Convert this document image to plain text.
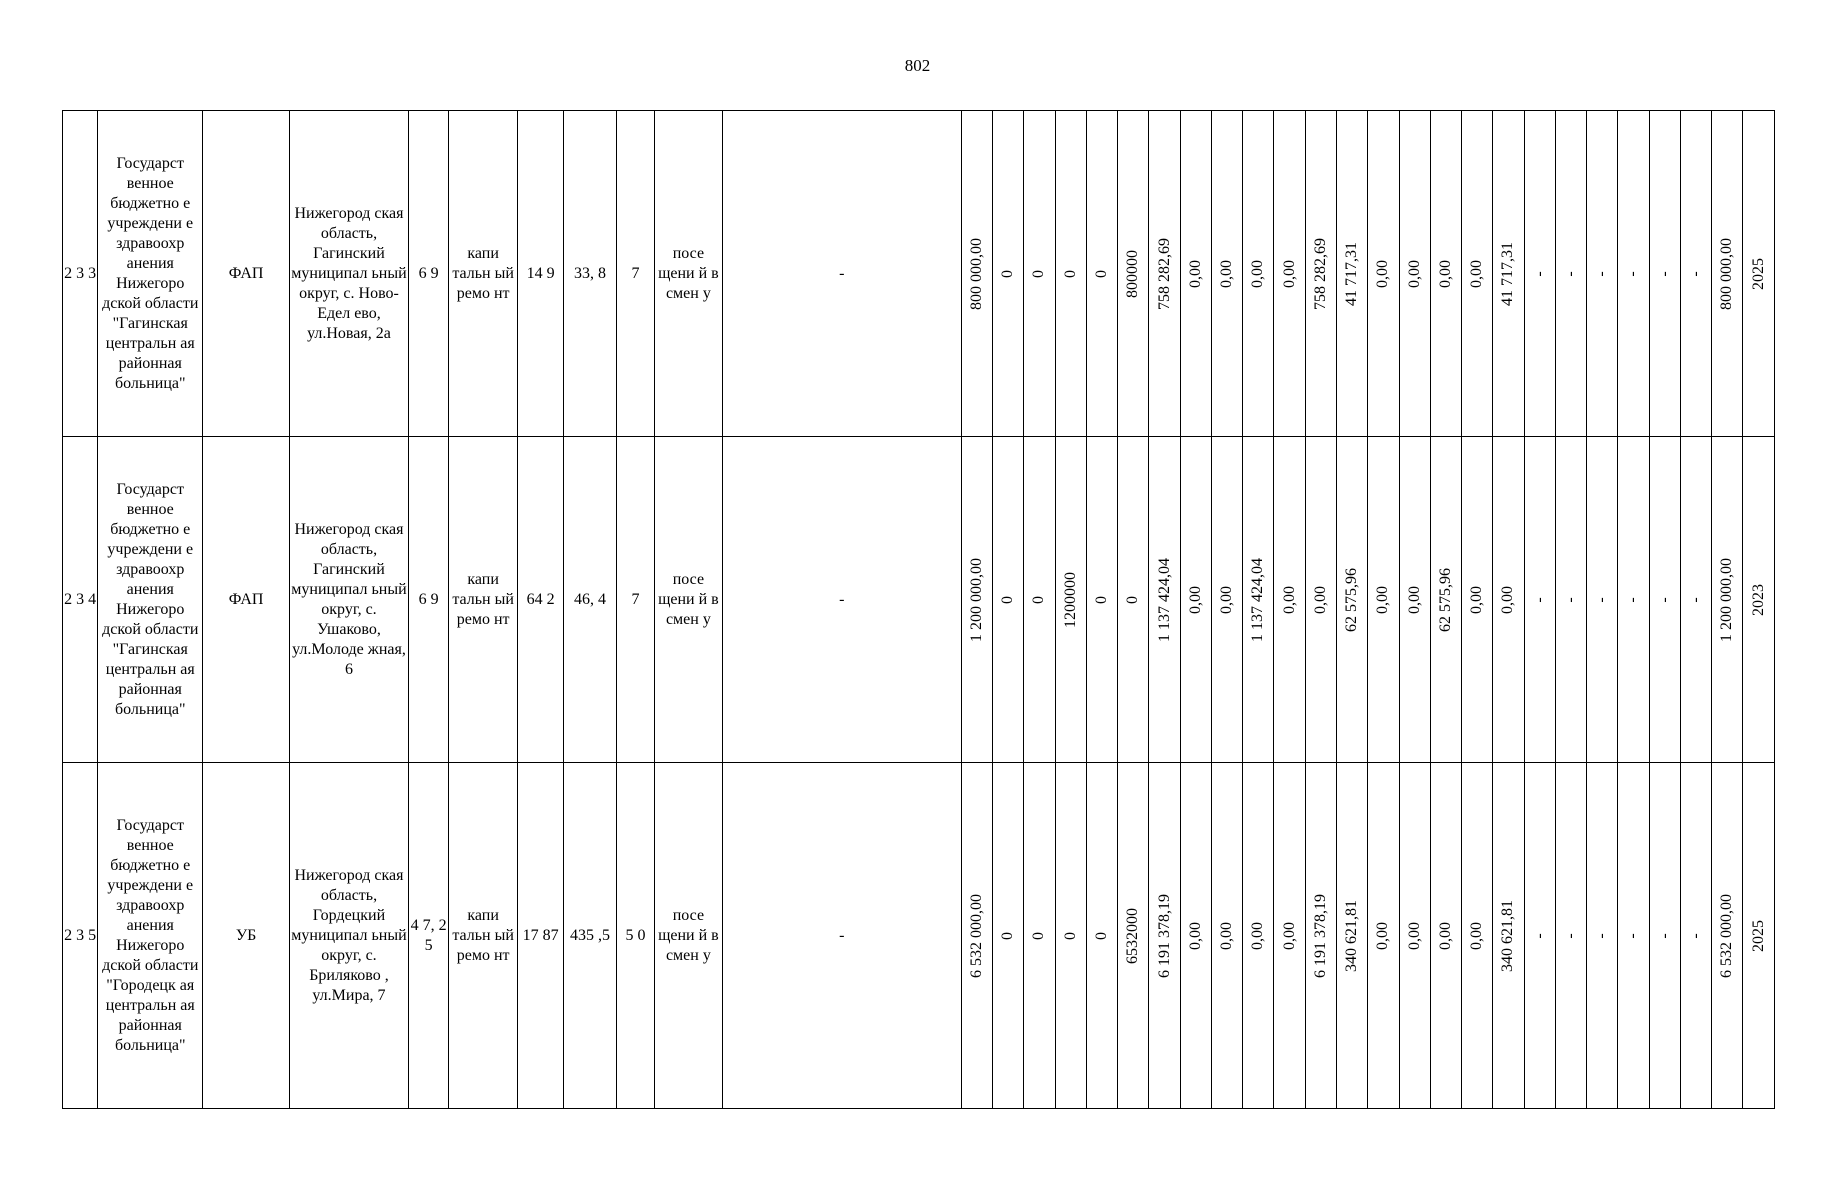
802
2 3 3	Государст венное бюджетно е учреждени е здравоохр анения Нижегоро дской области "Гагинская центральн ая районная больница"	ФАП	Нижегород ская область, Гагинский муниципал ьный округ, с. Ново-Едел ево, ул.Новая, 2а	6 9	капи тальн ый ремо нт	14 9	33, 8	7	посе щени й в смен у	-	800 000,00	0	0	0	0	800000	758 282,69	0,00	0,00	0,00	0,00	758 282,69	41 717,31	0,00	0,00	0,00	0,00	41 717,31	-	-	-	-	-	-	800 000,00	2025

2 3 4	Государст венное бюджетно е учреждени е здравоохр анения Нижегоро дской области "Гагинская центральн ая районная больница"	ФАП	Нижегород ская область, Гагинский муниципал ьный округ, с. Ушаково, ул.Молоде жная, 6	6 9	капи тальн ый ремо нт	64 2	46, 4	7	посе щени й в смен у	-	1 200 000,00	0	0	1200000	0	0	1 137 424,04	0,00	0,00	1 137 424,04	0,00	0,00	62 575,96	0,00	0,00	62 575,96	0,00	0,00	-	-	-	-	-	-	1 200 000,00	2023

2 3 5	Государст венное бюджетно е учреждени е здравоохр анения Нижегоро дской области "Городецк ая центральн ая районная больница"	УБ	Нижегород ская область, Гордецкий муниципал ьный округ, с. Бриляково , ул.Мира, 7	4 7, 2 5	капи тальн ый ремо нт	17 87	435 ,5	5 0	посе щени й в смен у	-	6 532 000,00	0	0	0	0	6532000	6 191 378,19	0,00	0,00	0,00	0,00	6 191 378,19	340 621,81	0,00	0,00	0,00	0,00	340 621,81	-	-	-	-	-	-	6 532 000,00	2025
